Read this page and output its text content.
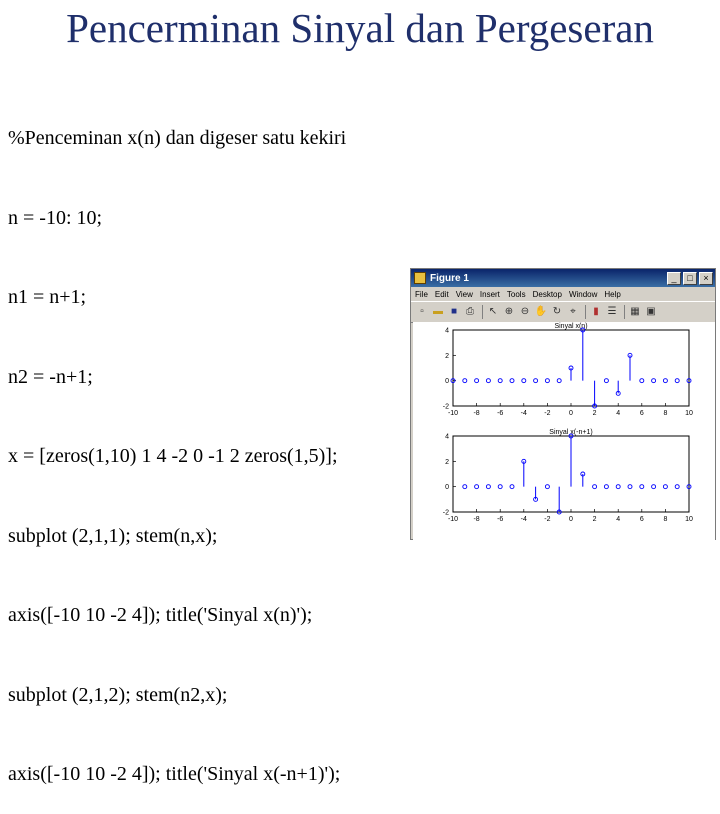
Pencerminan Sinyal dan Pergeseran

%Penceminan x(n) dan digeser satu kekiri

n = -10: 10;

n1 = n+1;

n2 = -n+1;

x = [zeros(1,10) 1 4 -2 0 -1 2 zeros(1,5)];

subplot (2,1,1); stem(n,x);

axis([-10 10 -2 4]); title('Sinyal x(n)');

subplot (2,1,2); stem(n2,x);

axis([-10 10 -2 4]); title('Sinyal x(-n+1)');

Figure 1	_	□	×
File Edit View Insert Tools Desktop Window Help
▫ ▬ ■ ⎙	↖ ⊕ ⊖ ✋ ↻ ⌖	▮ ☰ ▦ ▣
Sinyal x(n)
-10 -8 -6 -4 -2	0	2	4	6	8	10
-2
0
2
4
Sinyal x(-n+1)
-10 -8 -6 -4 -2	0	2	4	6	8	10
-2
0
2
4
